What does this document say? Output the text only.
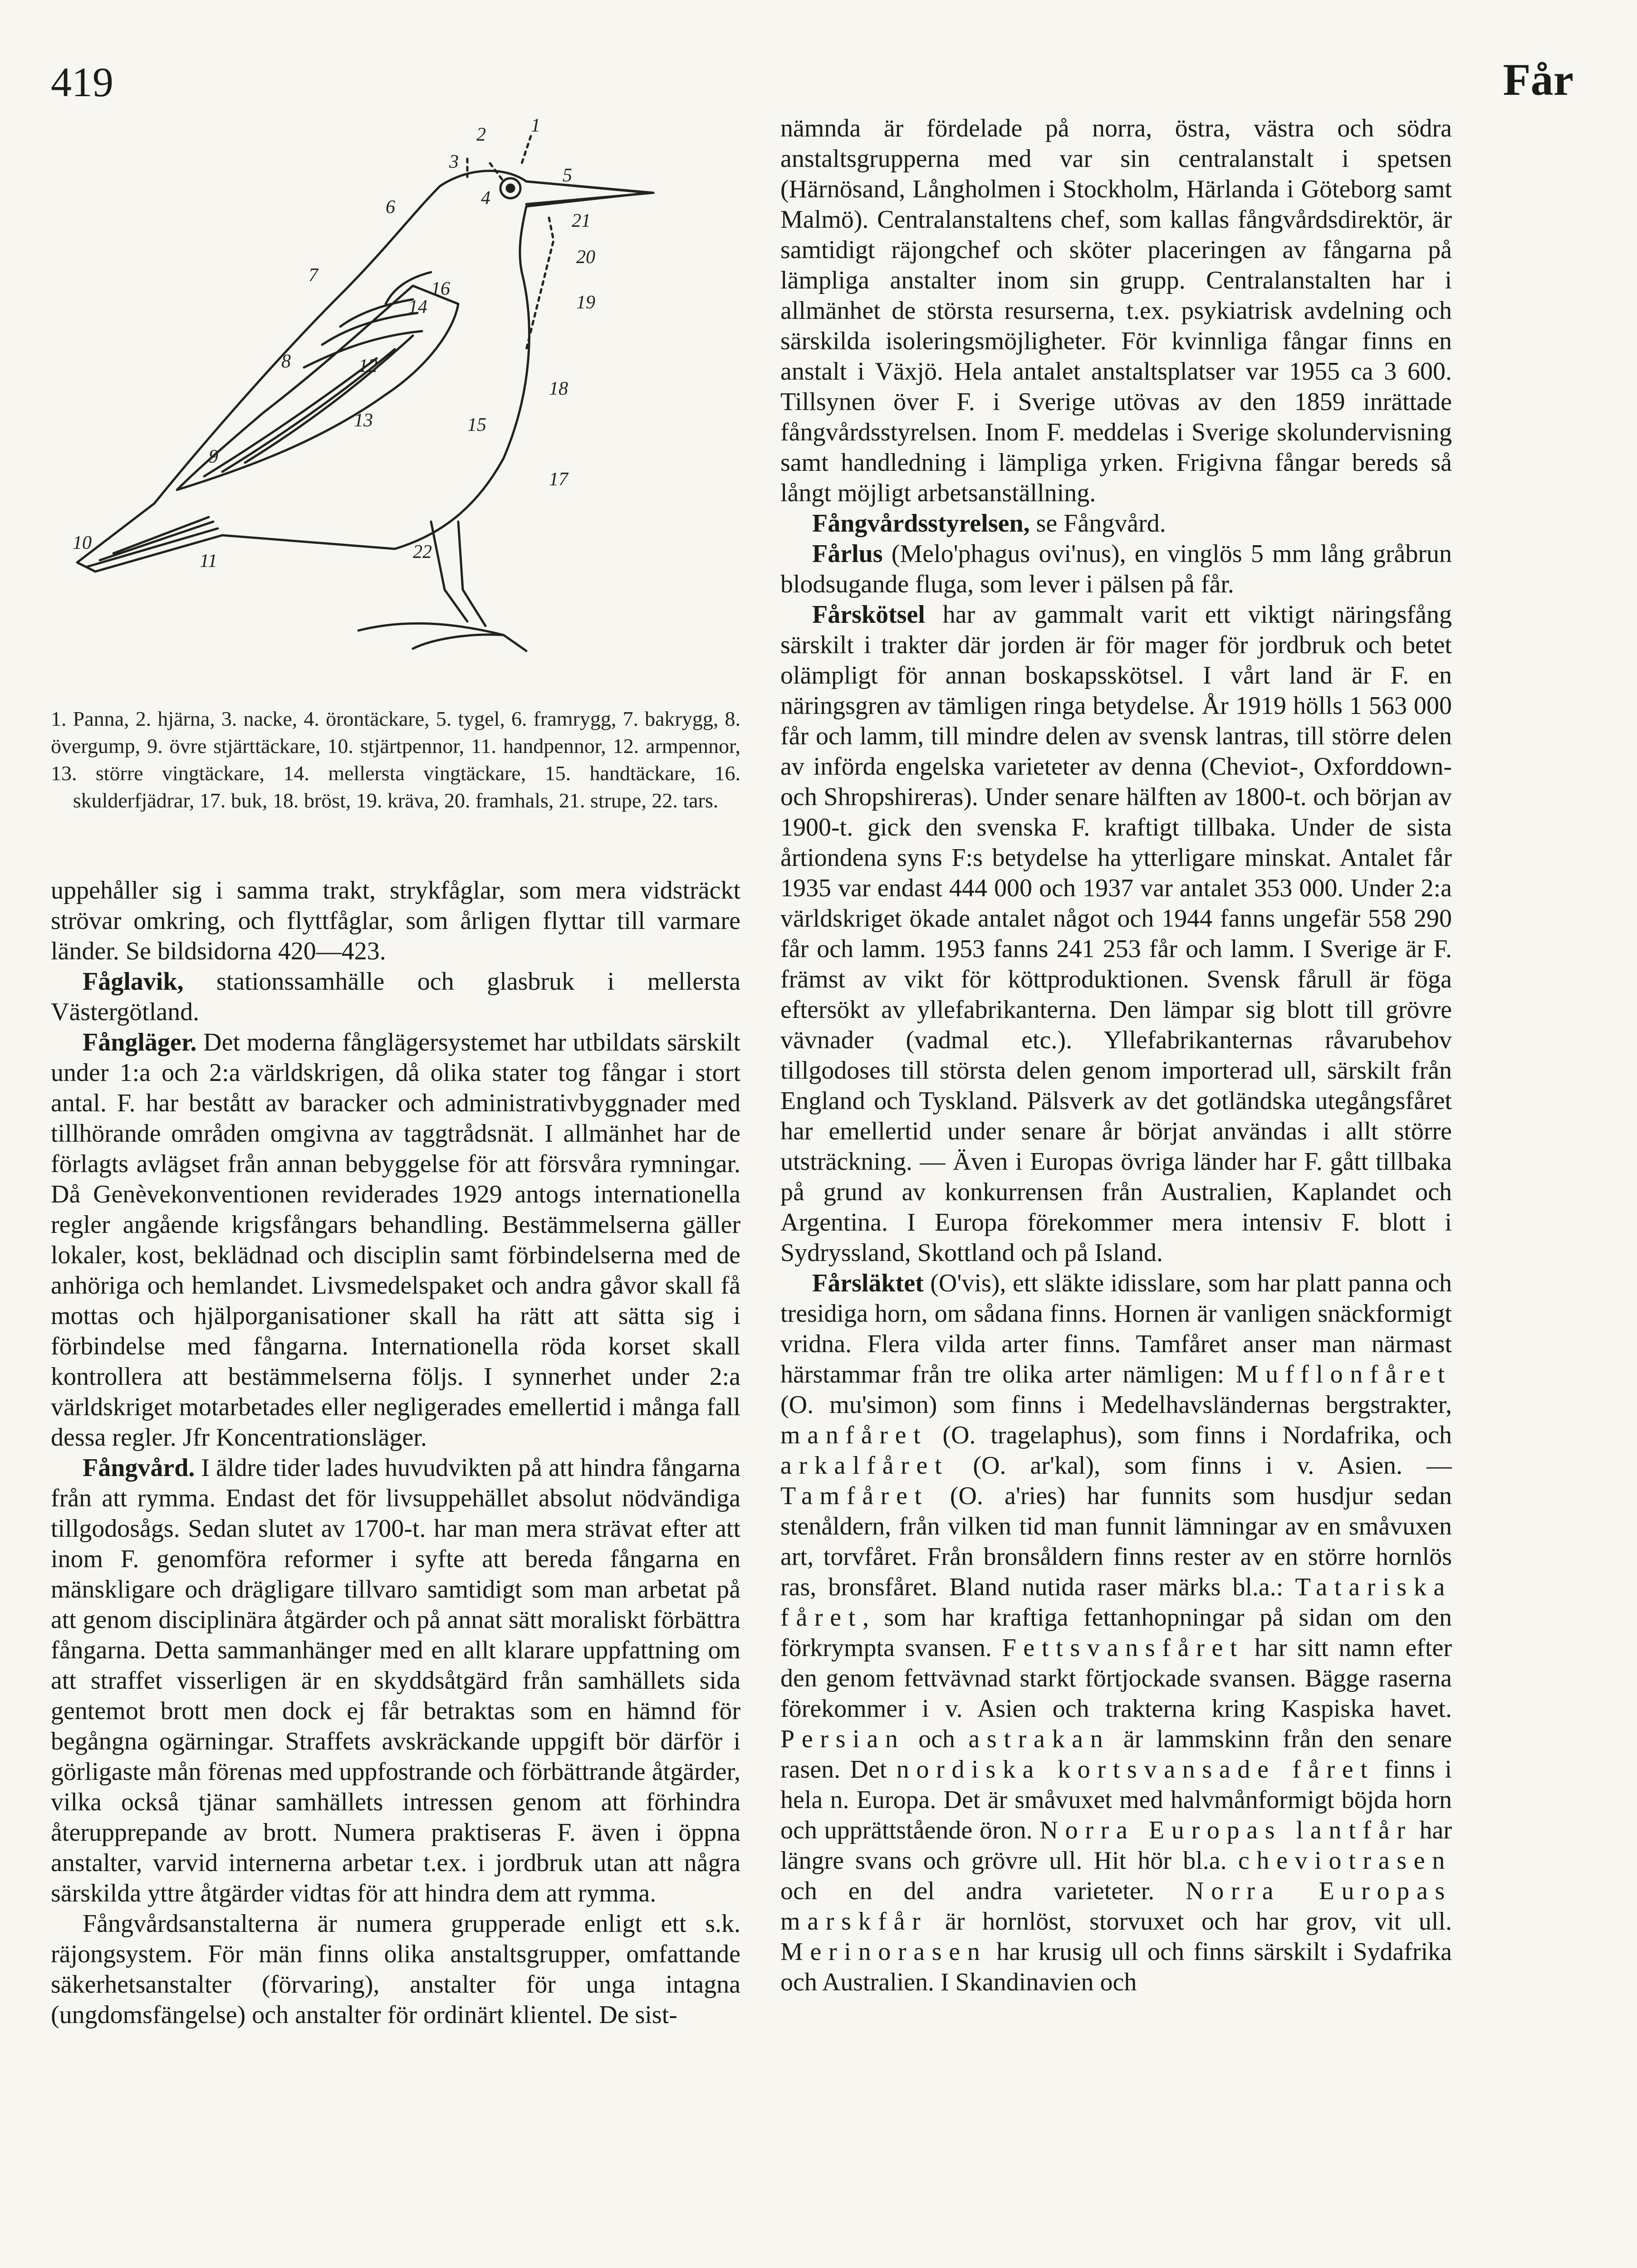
419	Får
1
2
3
4
5
6
7
8
9
10
11
12
13
14
15
16
17
18
19
20
21
22
1. Panna, 2. hjärna, 3. nacke, 4. örontäckare, 5. tygel, 6. framrygg, 7. bakrygg, 8. övergump, 9. övre stjärttäckare, 10. stjärtpennor, 11. handpennor, 12. armpennor, 13. större vingtäckare, 14. mellersta vingtäckare, 15. handtäckare, 16. skulderfjädrar, 17. buk, 18. bröst, 19. kräva, 20. framhals, 21. strupe, 22. tars.

uppehåller sig i samma trakt, strykfåglar, som mera vidsträckt strövar omkring, och flyttfåglar, som årligen flyttar till varmare länder. Se bildsidorna 420—423.

Fåglavik, stationssamhälle och glasbruk i mellersta Västergötland.

Fångläger. Det moderna fånglägersystemet har utbildats särskilt under 1:a och 2:a världskrigen, då olika stater tog fångar i stort antal. F. har bestått av baracker och administrativbyggnader med tillhörande områden omgivna av taggtrådsnät. I allmänhet har de förlagts avlägset från annan bebyggelse för att försvåra rymningar. Då Genèvekonventionen reviderades 1929 antogs internationella regler angående krigsfångars behandling. Bestämmelserna gäller lokaler, kost, beklädnad och disciplin samt förbindelserna med de anhöriga och hemlandet. Livsmedelspaket och andra gåvor skall få mottas och hjälporganisationer skall ha rätt att sätta sig i förbindelse med fångarna. Internationella röda korset skall kontrollera att bestämmelserna följs. I synnerhet under 2:a världskriget motarbetades eller negligerades emellertid i många fall dessa regler. Jfr Koncentrationsläger.

Fångvård. I äldre tider lades huvudvikten på att hindra fångarna från att rymma. Endast det för livsuppehället absolut nödvändiga tillgodosågs. Sedan slutet av 1700-t. har man mera strävat efter att inom F. genomföra reformer i syfte att bereda fångarna en mänskligare och drägligare tillvaro samtidigt som man arbetat på att genom disciplinära åtgärder och på annat sätt moraliskt förbättra fångarna. Detta sammanhänger med en allt klarare uppfattning om att straffet visserligen är en skyddsåtgärd från samhällets sida gentemot brott men dock ej får betraktas som en hämnd för begångna ogärningar. Straffets avskräckande uppgift bör därför i görligaste mån förenas med uppfostrande och förbättrande åtgärder, vilka också tjänar samhällets intressen genom att förhindra återupprepande av brott. Numera praktiseras F. även i öppna anstalter, varvid internerna arbetar t.ex. i jordbruk utan att några särskilda yttre åtgärder vidtas för att hindra dem att rymma.

Fångvårdsanstalterna är numera grupperade enligt ett s.k. räjongsystem. För män finns olika anstaltsgrupper, omfattande säkerhetsanstalter (förvaring), anstalter för unga intagna (ungdomsfängelse) och anstalter för ordinärt klientel. De sist-

nämnda är fördelade på norra, östra, västra och södra anstaltsgrupperna med var sin centralanstalt i spetsen (Härnösand, Långholmen i Stockholm, Härlanda i Göteborg samt Malmö). Centralanstaltens chef, som kallas fångvårdsdirektör, är samtidigt räjongchef och sköter placeringen av fångarna på lämpliga anstalter inom sin grupp. Centralanstalten har i allmänhet de största resurserna, t.ex. psykiatrisk avdelning och särskilda isoleringsmöjligheter. För kvinnliga fångar finns en anstalt i Växjö. Hela antalet anstaltsplatser var 1955 ca 3 600. Tillsynen över F. i Sverige utövas av den 1859 inrättade fångvårdsstyrelsen. Inom F. meddelas i Sverige skolundervisning samt handledning i lämpliga yrken. Frigivna fångar bereds så långt möjligt arbetsanställning.

Fångvårdsstyrelsen, se Fångvård.

Fårlus (Melo'phagus ovi'nus), en vinglös 5 mm lång gråbrun blodsugande fluga, som lever i pälsen på får.

Fårskötsel har av gammalt varit ett viktigt näringsfång särskilt i trakter där jorden är för mager för jordbruk och betet olämpligt för annan boskapsskötsel. I vårt land är F. en näringsgren av tämligen ringa betydelse. År 1919 hölls 1 563 000 får och lamm, till mindre delen av svensk lantras, till större delen av införda engelska varieteter av denna (Cheviot-, Oxforddown- och Shropshireras). Under senare hälften av 1800-t. och början av 1900-t. gick den svenska F. kraftigt tillbaka. Under de sista årtiondena syns F:s betydelse ha ytterligare minskat. Antalet får 1935 var endast 444 000 och 1937 var antalet 353 000. Under 2:a världskriget ökade antalet något och 1944 fanns ungefär 558 290 får och lamm. 1953 fanns 241 253 får och lamm. I Sverige är F. främst av vikt för köttproduktionen. Svensk fårull är föga eftersökt av yllefabrikanterna. Den lämpar sig blott till grövre vävnader (vadmal etc.). Yllefabrikanternas råvarubehov tillgodoses till största delen genom importerad ull, särskilt från England och Tyskland. Pälsverk av det gotländska utegångsfåret har emellertid under senare år börjat användas i allt större utsträckning. — Även i Europas övriga länder har F. gått tillbaka på grund av konkurrensen från Australien, Kaplandet och Argentina. I Europa förekommer mera intensiv F. blott i Sydryssland, Skottland och på Island.

Fårsläktet (O'vis), ett släkte idisslare, som har platt panna och tresidiga horn, om sådana finns. Hornen är vanligen snäckformigt vridna. Flera vilda arter finns. Tamfåret anser man närmast härstammar från tre olika arter nämligen: Mufflonfåret (O. mu'simon) som finns i Medelhavsländernas bergstrakter, manfåret (O. tragelaphus), som finns i Nordafrika, och arkalfåret (O. ar'kal), som finns i v. Asien. — Tamfåret (O. a'ries) har funnits som husdjur sedan stenåldern, från vilken tid man funnit lämningar av en småvuxen art, torvfåret. Från bronsåldern finns rester av en större hornlös ras, bronsfåret. Bland nutida raser märks bl.a.: Tatariska fåret, som har kraftiga fettanhopningar på sidan om den förkrympta svansen. Fettsvansfåret har sitt namn efter den genom fettvävnad starkt förtjockade svansen. Bägge raserna förekommer i v. Asien och trakterna kring Kaspiska havet. Persian och astrakan är lammskinn från den senare rasen. Det nordiska kortsvansade fåret finns i hela n. Europa. Det är småvuxet med halvmånformigt böjda horn och upprättstående öron. Norra Europas lantfår har längre svans och grövre ull. Hit hör bl.a. cheviotrasen och en del andra varieteter. Norra Europas marskfår är hornlöst, storvuxet och har grov, vit ull. Merinorasen har krusig ull och finns särskilt i Sydafrika och Australien. I Skandinavien och
